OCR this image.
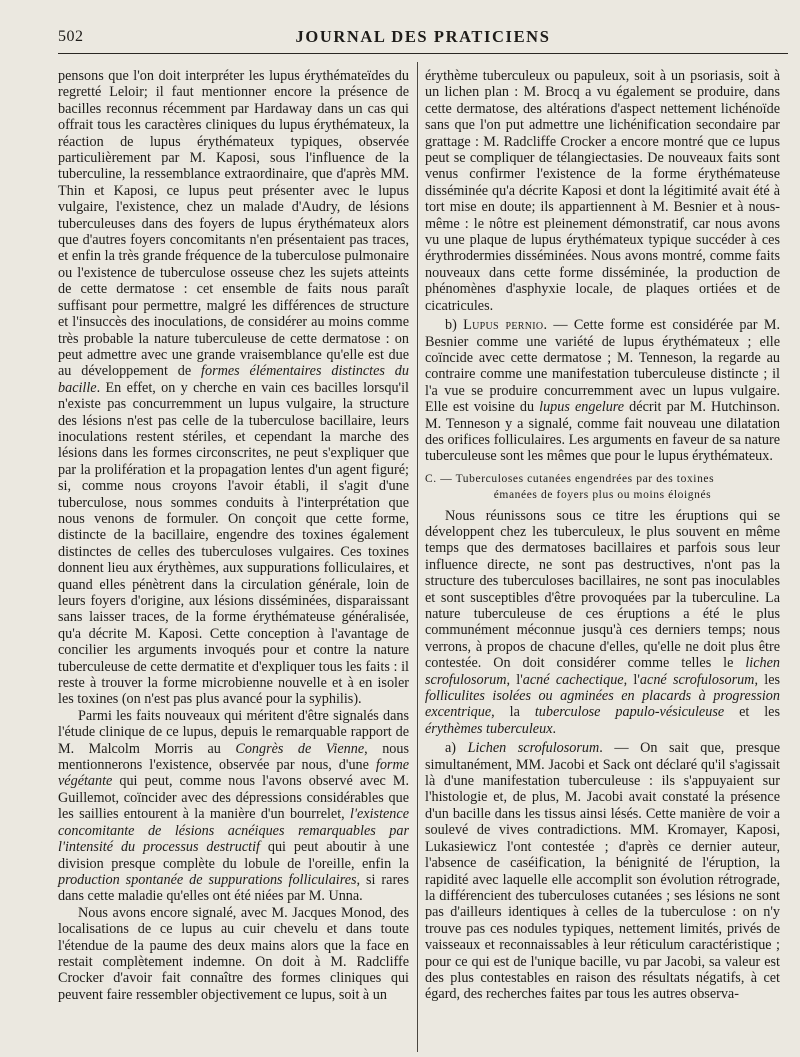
502	JOURNAL DES PRATICIENS

pensons que l'on doit interpréter les lupus érythémateïdes du regretté Leloir; il faut mentionner encore la présence de bacilles reconnus récemment par Hardaway dans un cas qui offrait tous les caractères cliniques du lupus érythémateux, la réaction de lupus érythémateux typiques, observée particulièrement par M. Kaposi, sous l'influence de la tuberculine, la ressemblance extraordinaire, que d'après MM. Thin et Kaposi, ce lupus peut présenter avec le lupus vulgaire, l'existence, chez un malade d'Audry, de lésions tuberculeuses dans des foyers de lupus érythémateux alors que d'autres foyers concomitants n'en présentaient pas traces, et enfin la très grande fréquence de la tuberculose pulmonaire ou l'existence de tuberculose osseuse chez les sujets atteints de cette dermatose : cet ensemble de faits nous paraît suffisant pour permettre, malgré les différences de structure et l'insuccès des inoculations, de considérer au moins comme très probable la nature tuberculeuse de cette dermatose : on peut admettre avec une grande vraisemblance qu'elle est due au développement de formes élémentaires distinctes du bacille. En effet, on y cherche en vain ces bacilles lorsqu'il n'existe pas concurremment un lupus vulgaire, la structure des lésions n'est pas celle de la tuberculose bacillaire, leurs inoculations restent stériles, et cependant la marche des lésions dans les formes circonscrites, ne peut s'expliquer que par la prolifération et la propagation lentes d'un agent figuré; si, comme nous croyons l'avoir établi, il s'agit d'une tuberculose, nous sommes conduits à l'interprétation que nous venons de formuler. On conçoit que cette forme, distincte de la bacillaire, engendre des toxines également distinctes de celles des tuberculoses vulgaires. Ces toxines donnent lieu aux érythèmes, aux suppurations folliculaires, et quand elles pénètrent dans la circulation générale, loin de leurs foyers d'origine, aux lésions disséminées, disparaissant sans laisser traces, de la forme érythémateuse généralisée, qu'a décrite M. Kaposi. Cette conception à l'avantage de concilier les arguments invoqués pour et contre la nature tuberculeuse de cette dermatite et d'expliquer tous les faits : il reste à trouver la forme microbienne nouvelle et à en isoler les toxines (on n'est pas plus avancé pour la syphilis).

Parmi les faits nouveaux qui méritent d'être signalés dans l'étude clinique de ce lupus, depuis le remarquable rapport de M. Malcolm Morris au Congrès de Vienne, nous mentionnerons l'existence, observée par nous, d'une forme végétante qui peut, comme nous l'avons observé avec M. Guillemot, coïncider avec des dépressions considérables que les saillies entourent à la manière d'un bourrelet, l'existence concomitante de lésions acnéiques remarquables par l'intensité du processus destructif qui peut aboutir à une division presque complète du lobule de l'oreille, enfin la production spontanée de suppurations folliculaires, si rares dans cette maladie qu'elles ont été niées par M. Unna.

Nous avons encore signalé, avec M. Jacques Monod, des localisations de ce lupus au cuir chevelu et dans toute l'étendue de la paume des deux mains alors que la face en restait complètement indemne. On doit à M. Radcliffe Crocker d'avoir fait connaître des formes cliniques qui peuvent faire ressembler objectivement ce lupus, soit à un

érythème tuberculeux ou papuleux, soit à un psoriasis, soit à un lichen plan : M. Brocq a vu également se produire, dans cette dermatose, des altérations d'aspect nettement lichénoïde sans que l'on put admettre une lichénification secondaire par grattage : M. Radcliffe Crocker a encore montré que ce lupus peut se compliquer de télangiectasies. De nouveaux faits sont venus confirmer l'existence de la forme érythémateuse disséminée qu'a décrite Kaposi et dont la légitimité avait été à tort mise en doute; ils appartiennent à M. Besnier et à nous-même : le nôtre est pleinement démonstratif, car nous avons vu une plaque de lupus érythémateux typique succéder à ces érythrodermies disséminées. Nous avons montré, comme faits nouveaux dans cette forme disséminée, la production de phénomènes d'asphyxie locale, de plaques ortiées et de cicatricules.

b) Lupus pernio. — Cette forme est considérée par M. Besnier comme une variété de lupus érythémateux ; elle coïncide avec cette dermatose ; M. Tenneson, la regarde au contraire comme une manifestation tuberculeuse distincte ; il l'a vue se produire concurremment avec un lupus vulgaire. Elle est voisine du lupus engelure décrit par M. Hutchinson. M. Tenneson y a signalé, comme fait nouveau une dilatation des orifices folliculaires. Les arguments en faveur de sa nature tuberculeuse sont les mêmes que pour le lupus érythémateux.

C. — Tuberculoses cutanées engendrées par des toxines
émanées de foyers plus ou moins éloignés

Nous réunissons sous ce titre les éruptions qui se développent chez les tuberculeux, le plus souvent en même temps que des dermatoses bacillaires et parfois sous leur influence directe, ne sont pas destructives, n'ont pas la structure des tuberculoses bacillaires, ne sont pas inoculables et sont susceptibles d'être provoquées par la tuberculine. La nature tuberculeuse de ces éruptions a été le plus communément méconnue jusqu'à ces derniers temps; nous verrons, à propos de chacune d'elles, qu'elle ne doit plus être contestée. On doit considérer comme telles le lichen scrofulosorum, l'acné cachectique, l'acné scrofulosorum, les folliculites isolées ou agminées en placards à progression excentrique, la tuberculose papulo-vésiculeuse et les érythèmes tuberculeux.

a) Lichen scrofulosorum. — On sait que, presque simultanément, MM. Jacobi et Sack ont déclaré qu'il s'agissait là d'une manifestation tuberculeuse : ils s'appuyaient sur l'histologie et, de plus, M. Jacobi avait constaté la présence d'un bacille dans les tissus ainsi lésés. Cette manière de voir a soulevé de vives contradictions. MM. Kromayer, Kaposi, Lukasiewicz l'ont contestée ; d'après ce dernier auteur, l'absence de caséification, la bénignité de l'éruption, la rapidité avec laquelle elle accomplit son évolution rétrograde, la différencient des tuberculoses cutanées ; ses lésions ne sont pas d'ailleurs identiques à celles de la tuberculose : on n'y trouve pas ces nodules typiques, nettement limités, privés de vaisseaux et reconnaissables à leur réticulum caractéristique ; pour ce qui est de l'unique bacille, vu par Jacobi, sa valeur est des plus contestables en raison des résultats négatifs, à cet égard, des recherches faites par tous les autres observa-
